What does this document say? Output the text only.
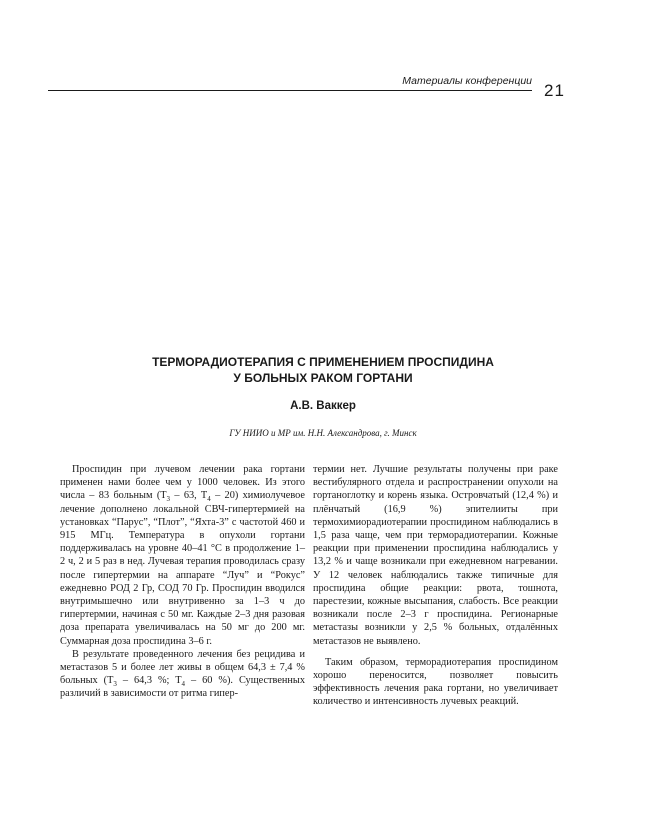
Материалы конференции 21
ТЕРМОРАДИОТЕРАПИЯ С ПРИМЕНЕНИЕМ ПРОСПИДИНА
У БОЛЬНЫХ РАКОМ ГОРТАНИ
А.В. Ваккер
ГУ НИИО и МР им. Н.Н. Александрова, г. Минск

Проспидин при лучевом лечении рака гортани применен нами более чем у 1000 человек. Из этого числа – 83 больным ($T_3 - 63$, $T_4 - 20$) химиолучевое лечение дополнено локальной СВЧ-гипертермией на установках “Парус”, “Плот”, “Яхта-3” с частотой 460 и 915 МГц. Температура в опухоли гортани поддерживалась на уровне 40–41 °С в продолжение 1–2 ч, 2 и 5 раз в нед. Лучевая терапия проводилась сразу после гипертермии на аппарате “Луч” и “Рокус” ежедневно РОД 2 Гр, СОД 70 Гр. Проспидин вводился внутримышечно или внутривенно за 1–3 ч до гипертермии, начиная с 50 мг. Каждые 2–3 дня разовая доза препарата увеличивалась на 50 мг до 200 мг. Суммарная доза проспидина 3–6 г.

В результате проведенного лечения без рецидива и метастазов 5 и более лет живы в общем 64,3 ± 7,4 % больных ($T_3 - 64,3$ %; $T_4 - 60$ %). Существенных различий в зависимости от ритма гипер-

термии нет. Лучшие результаты получены при раке вестибулярного отдела и распространении опухоли на гортаноглотку и корень языка. Островчатый (12,4 %) и плёнчатый (16,9 %) эпителииты при термохимиорадиотерапии проспидином наблюдались в 1,5 раза чаще, чем при терморадиотерапии. Кожные реакции при применении проспидина наблюдались у 13,2 % и чаще возникали при ежедневном нагревании. У 12 человек наблюдались также типичные для проспидина общие реакции: рвота, тошнота, парестезии, кожные высыпания, слабость. Все реакции возникали после 2–3 г проспидина. Регионарные метастазы возникли у 2,5 % больных, отдалённых метастазов не выявлено.

Таким образом, терморадиотерапия проспидином хорошо переносится, позволяет повысить эффективность лечения рака гортани, но увеличивает количество и интенсивность лучевых реакций.
